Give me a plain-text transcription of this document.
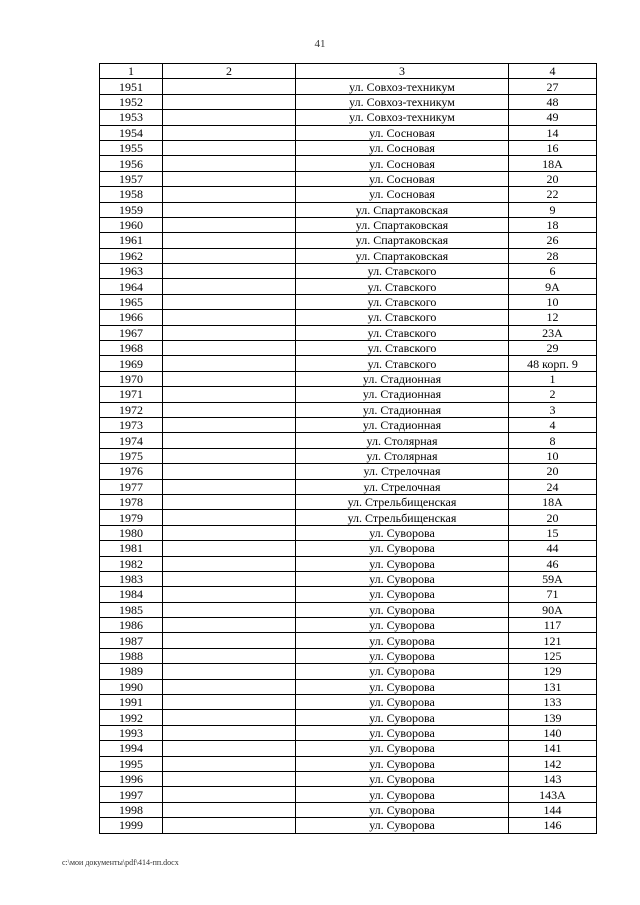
41
1	2	3	4
1951		ул. Совхоз-техникум	27
1952		ул. Совхоз-техникум	48
1953		ул. Совхоз-техникум	49
1954		ул. Сосновая	14
1955		ул. Сосновая	16
1956		ул. Сосновая	18А
1957		ул. Сосновая	20
1958		ул. Сосновая	22
1959		ул. Спартаковская	9
1960		ул. Спартаковская	18
1961		ул. Спартаковская	26
1962		ул. Спартаковская	28
1963		ул. Ставского	6
1964		ул. Ставского	9А
1965		ул. Ставского	10
1966		ул. Ставского	12
1967		ул. Ставского	23А
1968		ул. Ставского	29
1969		ул. Ставского	48 корп. 9
1970		ул. Стадионная	1
1971		ул. Стадионная	2
1972		ул. Стадионная	3
1973		ул. Стадионная	4
1974		ул. Столярная	8
1975		ул. Столярная	10
1976		ул. Стрелочная	20
1977		ул. Стрелочная	24
1978		ул. Стрельбищенская	18А
1979		ул. Стрельбищенская	20
1980		ул. Суворова	15
1981		ул. Суворова	44
1982		ул. Суворова	46
1983		ул. Суворова	59А
1984		ул. Суворова	71
1985		ул. Суворова	90А
1986		ул. Суворова	117
1987		ул. Суворова	121
1988		ул. Суворова	125
1989		ул. Суворова	129
1990		ул. Суворова	131
1991		ул. Суворова	133
1992		ул. Суворова	139
1993		ул. Суворова	140
1994		ул. Суворова	141
1995		ул. Суворова	142
1996		ул. Суворова	143
1997		ул. Суворова	143А
1998		ул. Суворова	144
1999		ул. Суворова	146
c:\мои документы\pdf\414-пп.docx
